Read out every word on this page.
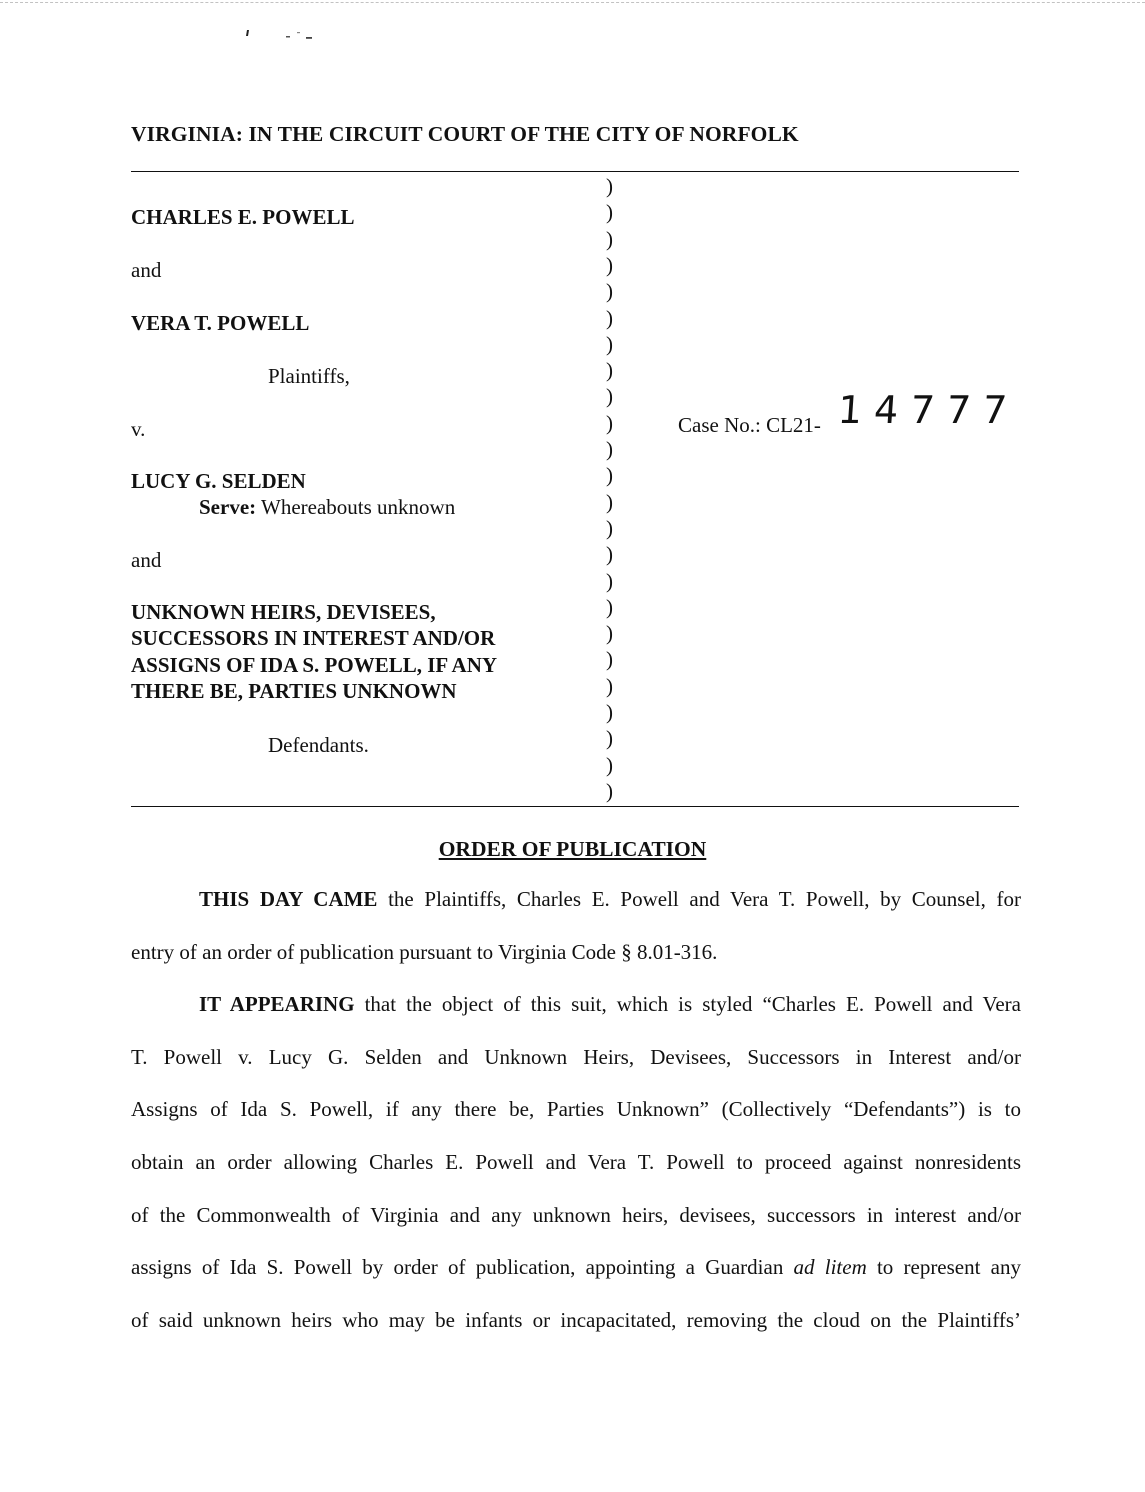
VIRGINIA: IN THE CIRCUIT COURT OF THE CITY OF NORFOLK
CHARLES E. POWELL
and
VERA T. POWELL
Plaintiffs,
v.
LUCY G. SELDEN
Serve: Whereabouts unknown
and
UNKNOWN HEIRS, DEVISEES,
SUCCESSORS IN INTEREST AND/OR
ASSIGNS OF IDA S. POWELL, IF ANY
THERE BE, PARTIES UNKNOWN
Defendants.
)
)
)
)
)
)
)
)
)
)
)
)
)
)
)
)
)
)
)
)
)
)
)
)
Case No.: CL21- 14777
ORDER OF PUBLICATION
THIS DAY CAME the Plaintiffs, Charles E. Powell and Vera T. Powell, by Counsel, for
entry of an order of publication pursuant to Virginia Code § 8.01-316.
IT APPEARING that the object of this suit, which is styled “Charles E. Powell and Vera
T. Powell v. Lucy G. Selden and Unknown Heirs, Devisees, Successors in Interest and/or
Assigns of Ida S. Powell, if any there be, Parties Unknown” (Collectively “Defendants”) is to
obtain an order allowing Charles E. Powell and Vera T. Powell to proceed against nonresidents
of the Commonwealth of Virginia and any unknown heirs, devisees, successors in interest and/or
assigns of Ida S. Powell by order of publication, appointing a Guardian ad litem to represent any
of said unknown heirs who may be infants or incapacitated, removing the cloud on the Plaintiffs’
